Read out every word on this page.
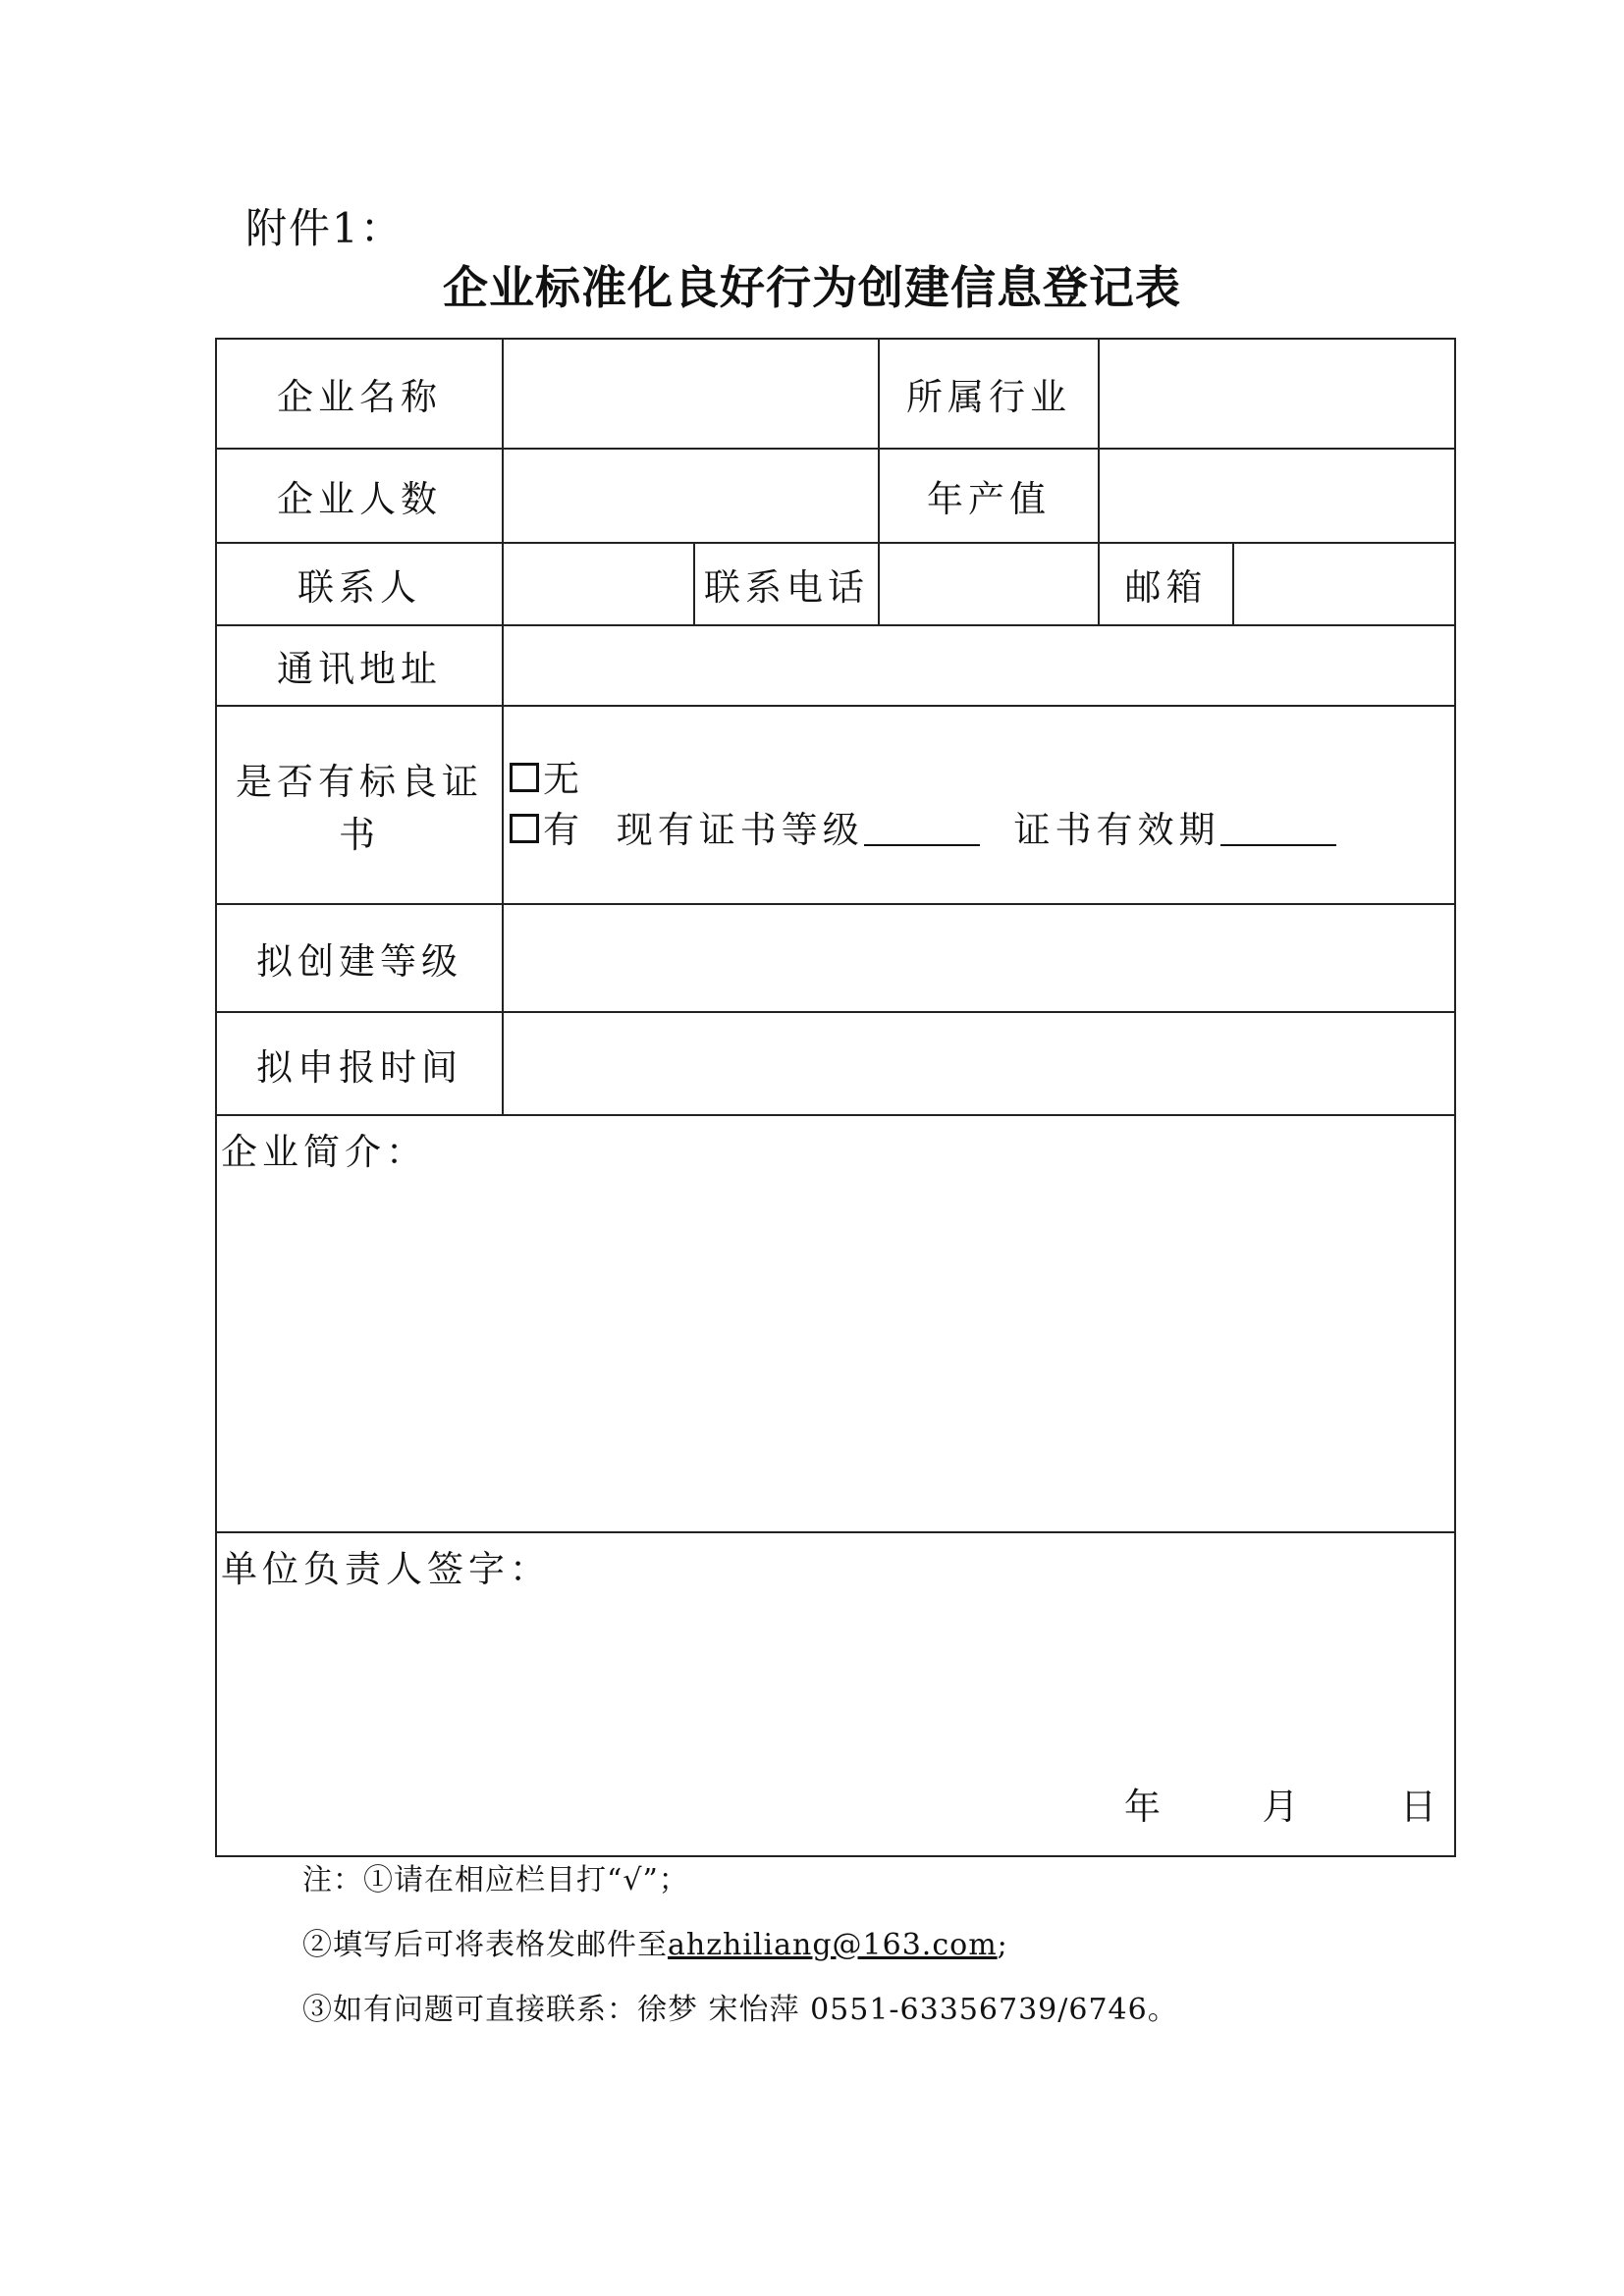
附件1：
企业标准化良好行为创建信息登记表
企业名称			所属行业		
企业人数			年产值		
联系人		联系电话		邮箱	
通讯地址					
是否有标良证书	无
有 现有证书等级 证书有效期				

拟创建等级					
拟申报时间					
企业简介：					
单位负责人签字：
年 月 日					
注：①请在相应栏目打“√”；
②填写后可将表格发邮件至ahzhiliang@163.com;
③如有问题可直接联系：徐梦 宋怡萍 0551-63356739/6746。
